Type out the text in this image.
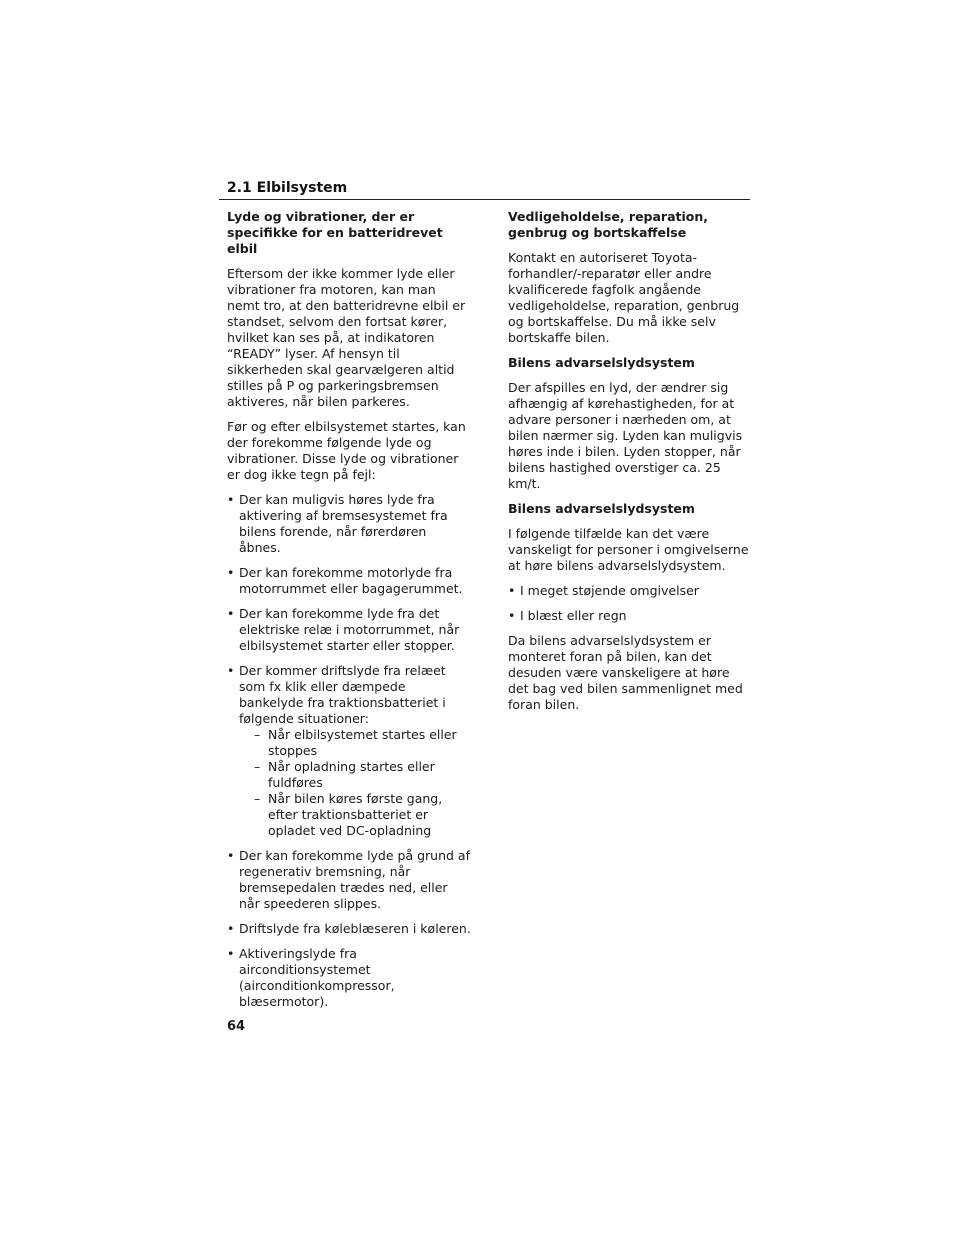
2.1 Elbilsystem
Lyde og vibrationer, der er specifikke for en batteridrevet elbil

Eftersom der ikke kommer lyde eller vibrationer fra motoren, kan man nemt tro, at den batteridrevne elbil er standset, selvom den fortsat kører, hvilket kan ses på, at indikatoren “READY” lyser. Af hensyn til sikkerheden skal gearvælgeren altid stilles på P og parkeringsbremsen aktiveres, når bilen parkeres.

Før og efter elbilsystemet startes, kan der forekomme følgende lyde og vibrationer. Disse lyde og vibrationer er dog ikke tegn på fejl:

• Der kan muligvis høres lyde fra aktivering af bremsesystemet fra bilens forende, når førerdøren åbnes.
• Der kan forekomme motorlyde fra motorrummet eller bagagerummet.
• Der kan forekomme lyde fra det elektriske relæ i motorrummet, når elbilsystemet starter eller stopper.
• Der kommer driftslyde fra relæet som fx klik eller dæmpede bankelyde fra traktionsbatteriet i følgende situationer:
– Når elbilsystemet startes eller stoppes
– Når opladning startes eller fuldføres
– Når bilen køres første gang, efter traktionsbatteriet er opladet ved DC-opladning
• Der kan forekomme lyde på grund af regenerativ bremsning, når bremsepedalen trædes ned, eller når speederen slippes.
• Driftslyde fra køleblæseren i køleren.
• Aktiveringslyde fra airconditionsystemet (airconditionkompressor, blæsermotor).
Vedligeholdelse, reparation, genbrug og bortskaffelse

Kontakt en autoriseret Toyota-forhandler/-reparatør eller andre kvalificerede fagfolk angående vedligeholdelse, reparation, genbrug og bortskaffelse. Du må ikke selv bortskaffe bilen.

Bilens advarselslydsystem

Der afspilles en lyd, der ændrer sig afhængig af kørehastigheden, for at advare personer i nærheden om, at bilen nærmer sig. Lyden kan muligvis høres inde i bilen. Lyden stopper, når bilens hastighed overstiger ca. 25 km/t.

Bilens advarselslydsystem

I følgende tilfælde kan det være vanskeligt for personer i omgivelserne at høre bilens advarselslydsystem.

• I meget støjende omgivelser
• I blæst eller regn

Da bilens advarselslydsystem er monteret foran på bilen, kan det desuden være vanskeligere at høre det bag ved bilen sammenlignet med foran bilen.

64
